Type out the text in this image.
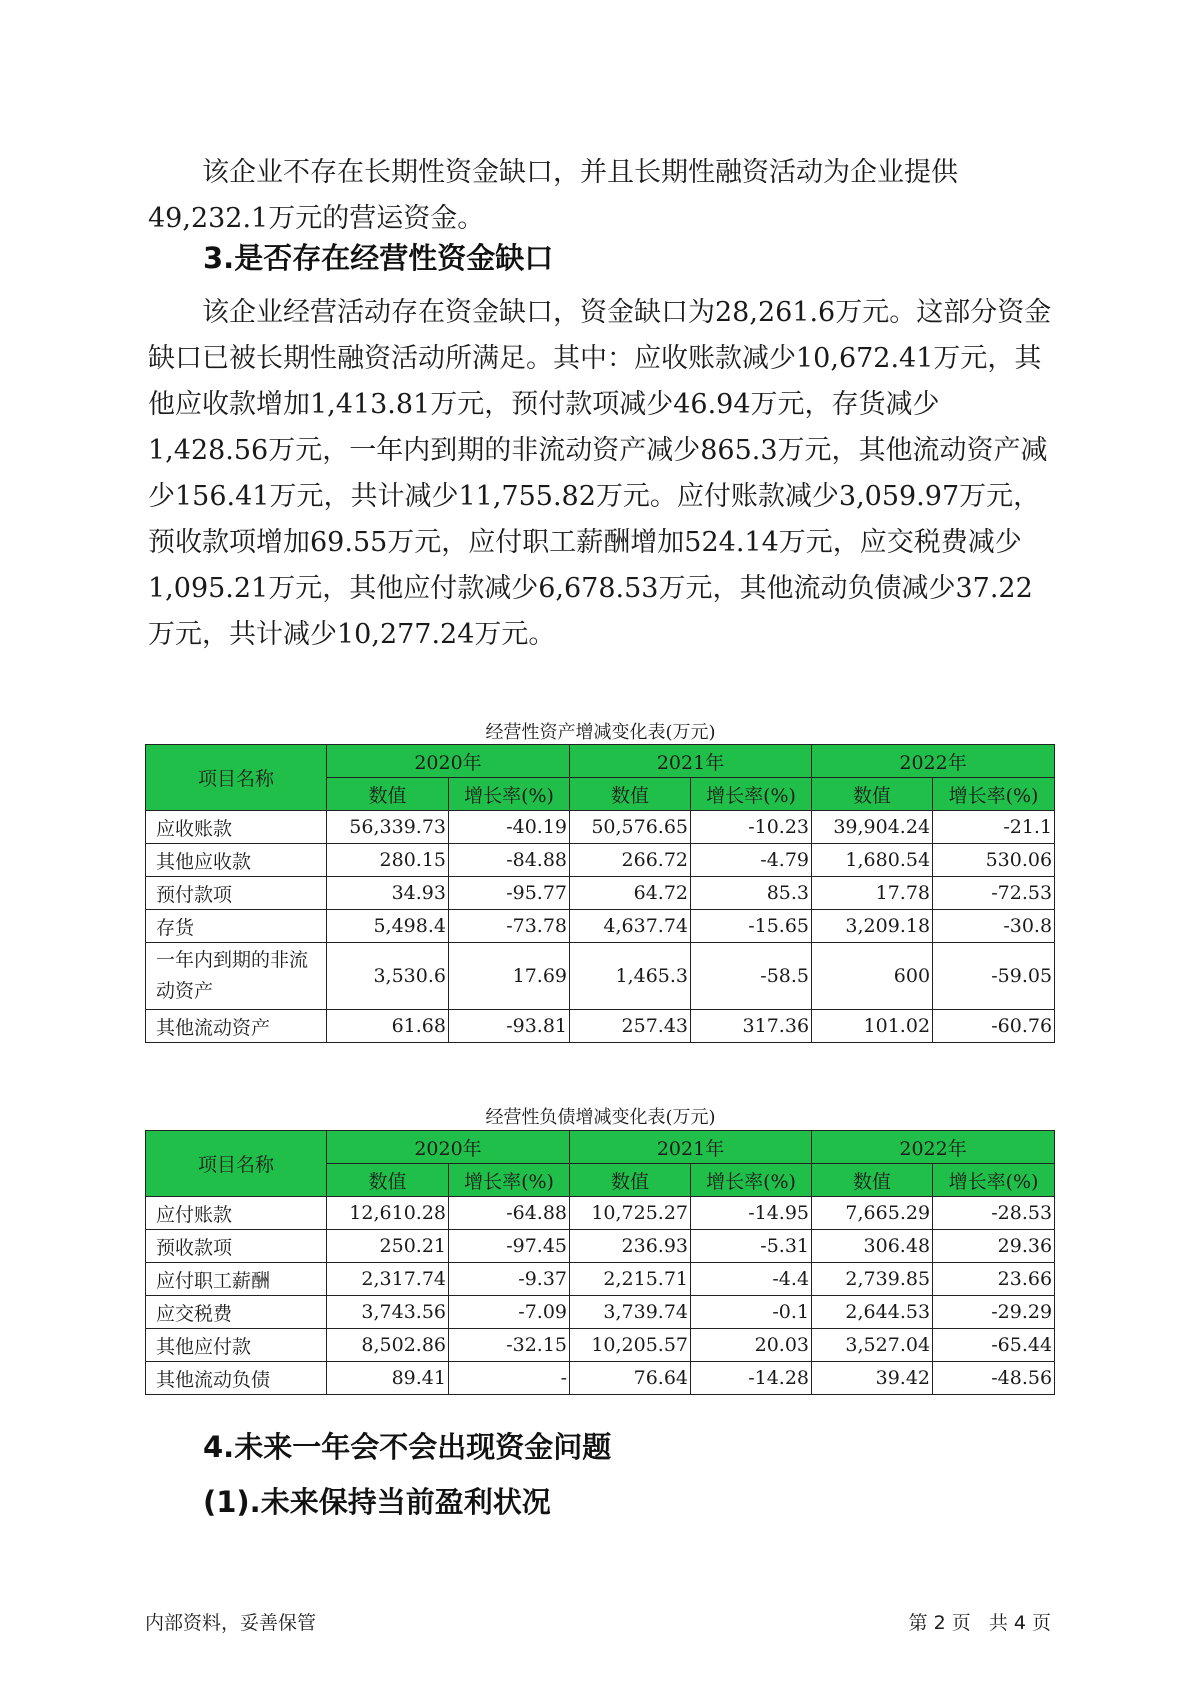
该企业不存在长期性资金缺口，并且长期性融资活动为企业提供49,232.1万元的营运资金。

3.是否存在经营性资金缺口

该企业经营活动存在资金缺口，资金缺口为28,261.6万元。这部分资金缺口已被长期性融资活动所满足。其中：应收账款减少10,672.41万元，其他应收款增加1,413.81万元，预付款项减少46.94万元，存货减少1,428.56万元，一年内到期的非流动资产减少865.3万元，其他流动资产减少156.41万元，共计减少11,755.82万元。应付账款减少3,059.97万元，预收款项增加69.55万元，应付职工薪酬增加524.14万元，应交税费减少1,095.21万元，其他应付款减少6,678.53万元，其他流动负债减少37.22万元，共计减少10,277.24万元。

经营性资产增减变化表(万元)

项目名称	2020年		2021年		2022年	
	数值	增长率(%)	数值	增长率(%)	数值	增长率(%)
应收账款	56,339.73	-40.19	50,576.65	-10.23	39,904.24	-21.1
其他应收款	280.15	-84.88	266.72	-4.79	1,680.54	530.06
预付款项	34.93	-95.77	64.72	85.3	17.78	-72.53
存货	5,498.4	-73.78	4,637.74	-15.65	3,209.18	-30.8
一年内到期的非流动资产	3,530.6	17.69	1,465.3	-58.5	600	-59.05
其他流动资产	61.68	-93.81	257.43	317.36	101.02	-60.76

经营性负债增减变化表(万元)

项目名称	2020年		2021年		2022年	
	数值	增长率(%)	数值	增长率(%)	数值	增长率(%)
应付账款	12,610.28	-64.88	10,725.27	-14.95	7,665.29	-28.53
预收款项	250.21	-97.45	236.93	-5.31	306.48	29.36
应付职工薪酬	2,317.74	-9.37	2,215.71	-4.4	2,739.85	23.66
应交税费	3,743.56	-7.09	3,739.74	-0.1	2,644.53	-29.29
其他应付款	8,502.86	-32.15	10,205.57	20.03	3,527.04	-65.44
其他流动负债	89.41	-	76.64	-14.28	39.42	-48.56
4.未来一年会不会出现资金问题
(1).未来保持当前盈利状况

内部资料，妥善保管	第 2 页   共 4 页
